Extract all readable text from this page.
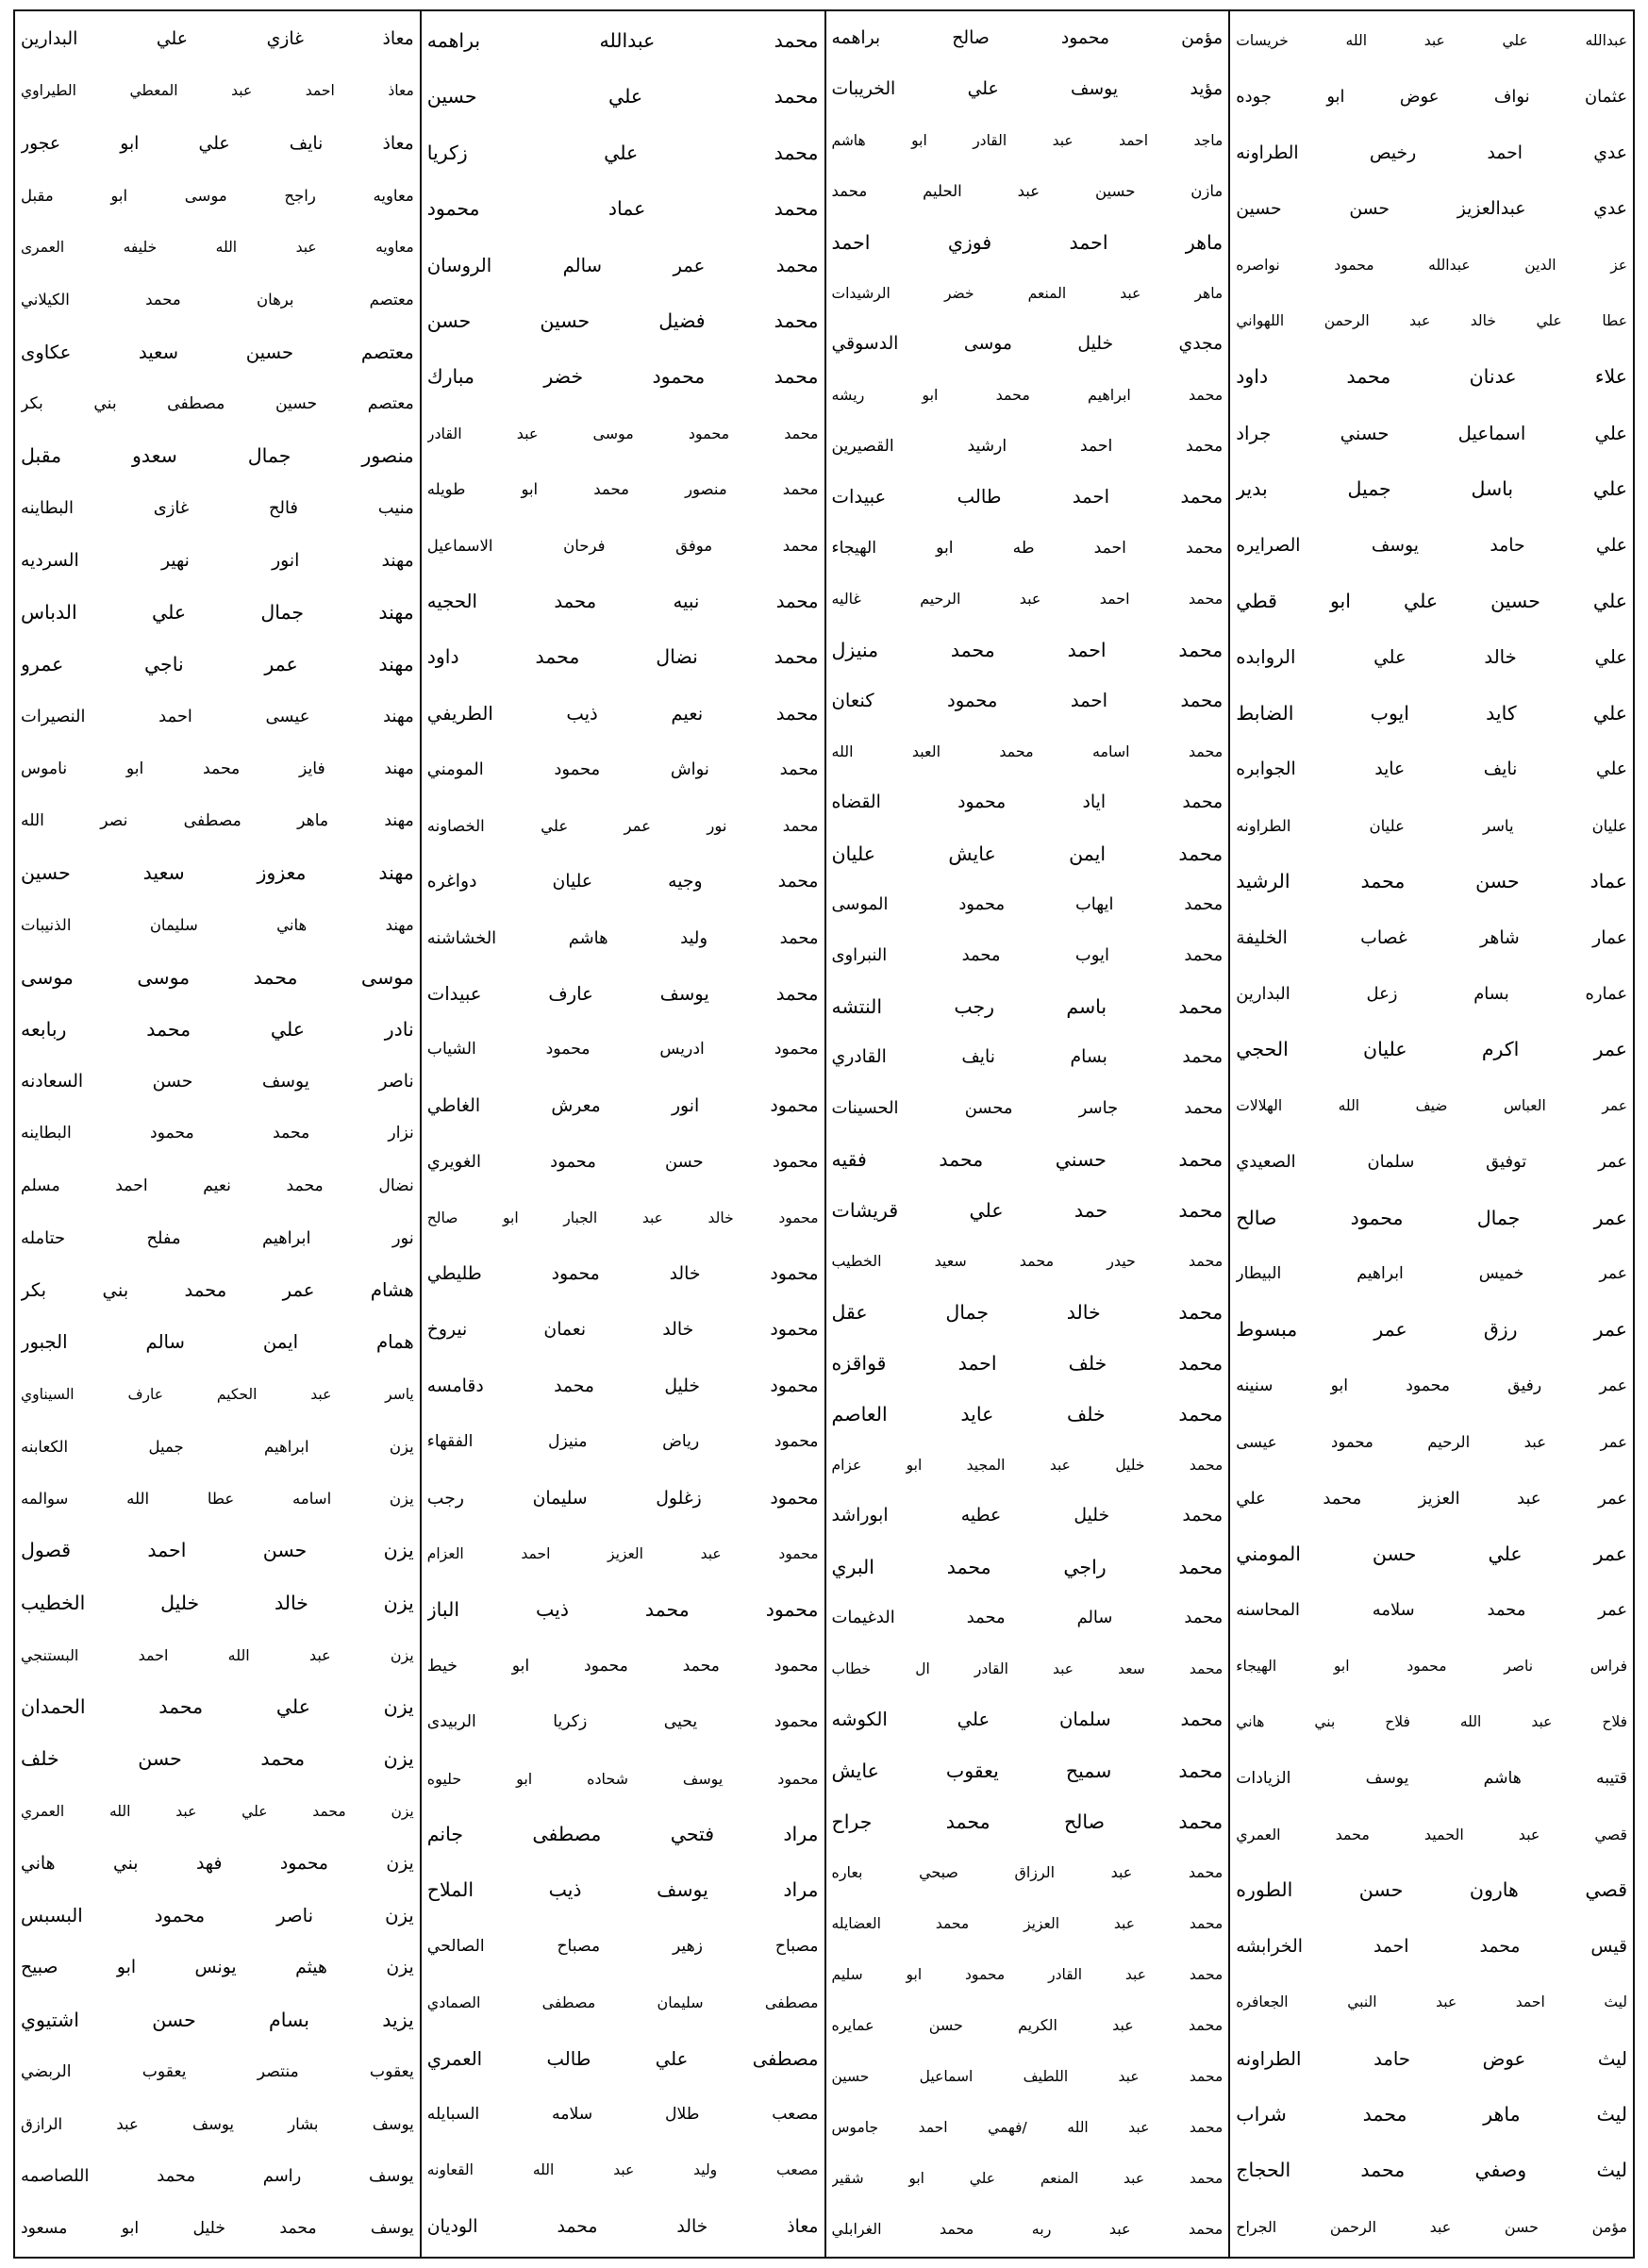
عبدالله
علي
عبد
الله
خريسات
عثمان
نواف
عوض
ابو
جوده
عدي
احمد
رخيص
الطراونه
عدي
عبدالعزيز
حسن
حسين
عز
الدين
عبدالله
محمود
نواصره
عطا
علي
خالد
عبد
الرحمن
اللهواني
علاء
عدنان
محمد
داود
علي
اسماعيل
حسني
جراد
علي
باسل
جميل
بدير
علي
حامد
يوسف
الصرايره
علي
حسين
علي
ابو
قطي
علي
خالد
علي
الروابده
علي
كايد
ايوب
الضابط
علي
نايف
عايد
الجوابره
عليان
ياسر
عليان
الطراونه
عماد
حسن
محمد
الرشيد
عمار
شاهر
غصاب
الخليفة
عماره
بسام
زعل
البدارين
عمر
اكرم
عليان
الحجي
عمر
العباس
ضيف
الله
الهلالات
عمر
توفيق
سلمان
الصعيدي
عمر
جمال
محمود
صالح
عمر
خميس
ابراهيم
البيطار
عمر
رزق
عمر
مبسوط
عمر
رفيق
محمود
ابو
سنينه
عمر
عبد
الرحيم
محمود
عيسى
عمر
عبد
العزيز
محمد
علي
عمر
علي
حسن
المومني
عمر
محمد
سلامه
المحاسنه
فراس
ناصر
محمود
ابو
الهيجاء
فلاح
عبد
الله
فلاح
بني
هاني
قتيبه
هاشم
يوسف
الزيادات
قصي
عبد
الحميد
محمد
العمري
قصي
هارون
حسن
الطوره
قيس
محمد
احمد
الخرابشه
ليث
احمد
عبد
النبي
الجعافره
ليث
عوض
حامد
الطراونه
ليث
ماهر
محمد
شراب
ليث
وصفي
محمد
الحجاج
مؤمن
حسن
عبد
الرحمن
الجراح
مؤمن
محمود
صالح
براهمه
مؤيد
يوسف
علي
الخريبات
ماجد
احمد
عبد
القادر
ابو
هاشم
مازن
حسين
عبد
الحليم
محمد
ماهر
احمد
فوزي
احمد
ماهر
عبد
المنعم
خضر
الرشيدات
مجدي
خليل
موسى
الدسوقي
محمد
ابراهيم
محمد
ابو
ريشه
محمد
احمد
ارشيد
القصيرين
محمد
احمد
طالب
عبيدات
محمد
احمد
طه
ابو
الهيجاء
محمد
احمد
عبد
الرحيم
غاليه
محمد
احمد
محمد
منيزل
محمد
احمد
محمود
كنعان
محمد
اسامه
محمد
العبد
الله
محمد
اياد
محمود
القضاه
محمد
ايمن
عايش
عليان
محمد
ايهاب
محمود
الموسى
محمد
ايوب
محمد
النبراوى
محمد
باسم
رجب
النتشه
محمد
بسام
نايف
القادري
محمد
جاسر
محسن
الحسينات
محمد
حسني
محمد
فقيه
محمد
حمد
علي
قريشات
محمد
حيدر
محمد
سعيد
الخطيب
محمد
خالد
جمال
عقل
محمد
خلف
احمد
قواقزه
محمد
خلف
عايد
العاصم
محمد
خليل
عبد
المجيد
ابو
عزام
محمد
خليل
عطيه
ابوراشد
محمد
راجي
محمد
البري
محمد
سالم
محمد
الدغيمات
محمد
سعد
عبد
القادر
ال
خطاب
محمد
سلمان
علي
الكوشه
محمد
سميح
يعقوب
عايش
محمد
صالح
محمد
جراح
محمد
عبد
الرزاق
صبحي
بعاره
محمد
عبد
العزيز
محمد
العضايله
محمد
عبد
القادر
محمود
ابو
سليم
محمد
عبد
الكريم
حسن
عمايره
محمد
عبد
اللطيف
اسماعيل
حسين
محمد
عبد
الله
/فهمي
احمد
جاموس
محمد
عبد
المنعم
علي
ابو
شقير
محمد
عبد
ربه
محمد
الغرابلي
محمد
عبدالله
براهمه
محمد
علي
حسين
محمد
علي
زكريا
محمد
عماد
محمود
محمد
عمر
سالم
الروسان
محمد
فضيل
حسين
حسن
محمد
محمود
خضر
مبارك
محمد
محمود
موسى
عبد
القادر
محمد
منصور
محمد
ابو
طويله
محمد
موفق
فرحان
الاسماعيل
محمد
نبيه
محمد
الحجيه
محمد
نضال
محمد
داود
محمد
نعيم
ذيب
الطريفي
محمد
نواش
محمود
المومني
محمد
نور
عمر
علي
الخصاونه
محمد
وجيه
عليان
دواغره
محمد
وليد
هاشم
الخشاشنه
محمد
يوسف
عارف
عبيدات
محمود
ادريس
محمود
الشياب
محمود
انور
معرش
الغاطي
محمود
حسن
محمود
الغويري
محمود
خالد
عبد
الجبار
ابو
صالح
محمود
خالد
محمود
طليطي
محمود
خالد
نعمان
نيروخ
محمود
خليل
محمد
دقامسه
محمود
رياض
منيزل
الفقهاء
محمود
زغلول
سليمان
رجب
محمود
عبد
العزيز
احمد
العزام
محمود
محمد
ذيب
الباز
محمود
محمد
محمود
ابو
خيط
محمود
يحيى
زكريا
الربيدى
محمود
يوسف
شحاده
ابو
حليوه
مراد
فتحي
مصطفى
جانم
مراد
يوسف
ذيب
الملاح
مصباح
زهير
مصباح
الصالحي
مصطفى
سليمان
مصطفى
الصمادي
مصطفى
علي
طالب
العمري
مصعب
طلال
سلامه
السبايله
مصعب
وليد
عبد
الله
القعاونه
معاذ
خالد
محمد
الوديان
معاذ
غازي
علي
البدارين
معاذ
احمد
عبد
المعطي
الطيراوي
معاذ
نايف
علي
ابو
عجور
معاويه
راجح
موسى
ابو
مقبل
معاويه
عبد
الله
خليفه
العمرى
معتصم
برهان
محمد
الكيلاني
معتصم
حسين
سعيد
عكاوى
معتصم
حسين
مصطفى
بني
بكر
منصور
جمال
سعدو
مقبل
منيب
فالح
غازى
البطاينه
مهند
انور
نهير
السرديه
مهند
جمال
علي
الدباس
مهند
عمر
ناجي
عمرو
مهند
عيسى
احمد
النصيرات
مهند
فايز
محمد
ابو
ناموس
مهند
ماهر
مصطفى
نصر
الله
مهند
معزوز
سعيد
حسين
مهند
هاني
سليمان
الذنيبات
موسى
محمد
موسى
موسى
نادر
علي
محمد
ربابعه
ناصر
يوسف
حسن
السعادنه
نزار
محمد
محمود
البطاينه
نضال
محمد
نعيم
احمد
مسلم
نور
ابراهيم
مفلح
حتامله
هشام
عمر
محمد
بني
بكر
همام
ايمن
سالم
الجبور
ياسر
عبد
الحكيم
عارف
السيناوي
يزن
ابراهيم
جميل
الكعابنه
يزن
اسامه
عطا
الله
سوالمه
يزن
حسن
احمد
قصول
يزن
خالد
خليل
الخطيب
يزن
عبد
الله
احمد
البستنجي
يزن
علي
محمد
الحمدان
يزن
محمد
حسن
خلف
يزن
محمد
علي
عبد
الله
العمري
يزن
محمود
فهد
بني
هاني
يزن
ناصر
محمود
البسبس
يزن
هيثم
يونس
ابو
صبيح
يزيد
بسام
حسن
اشتيوي
يعقوب
منتصر
يعقوب
الربضي
يوسف
بشار
يوسف
عبد
الرازق
يوسف
راسم
محمد
اللصاصمه
يوسف
محمد
خليل
ابو
مسعود
